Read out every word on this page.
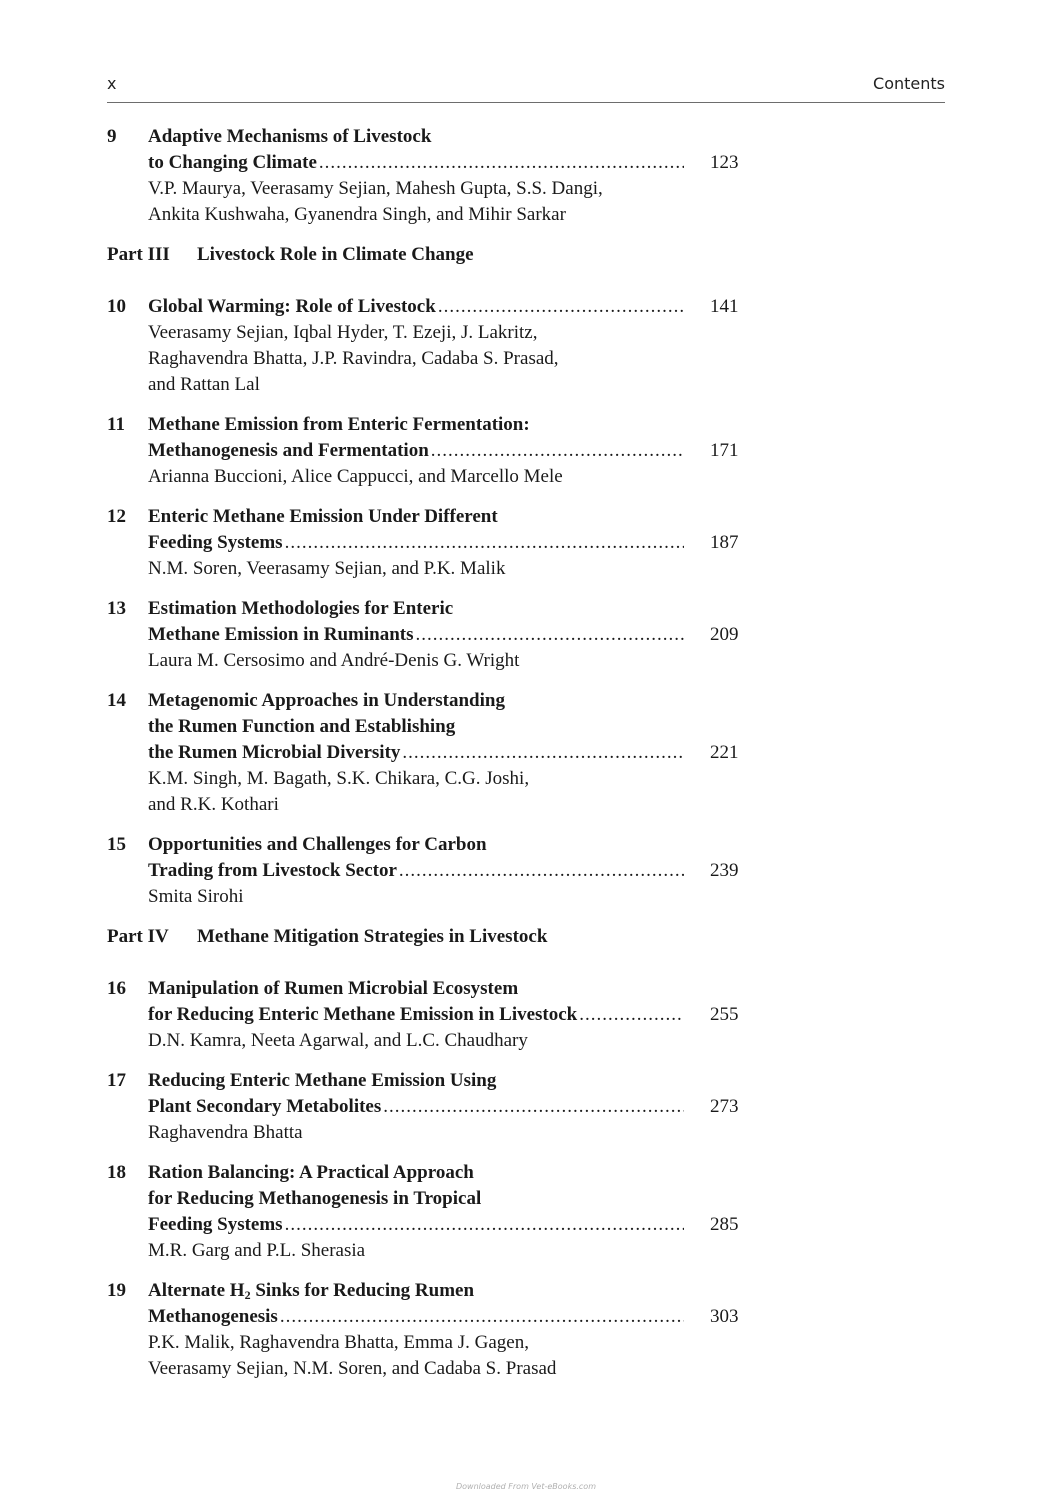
x	Contents
9	Adaptive Mechanisms of Livestock
to Changing Climate .....	123
V.P. Maurya, Veerasamy Sejian, Mahesh Gupta, S.S. Dangi,
Ankita Kushwaha, Gyanendra Singh, and Mihir Sarkar
Part III Livestock Role in Climate Change
10	Global Warming: Role of Livestock .....	141
Veerasamy Sejian, Iqbal Hyder, T. Ezeji, J. Lakritz,
Raghavendra Bhatta, J.P. Ravindra, Cadaba S. Prasad,
and Rattan Lal
11	Methane Emission from Enteric Fermentation:
Methanogenesis and Fermentation .....	171
Arianna Buccioni, Alice Cappucci, and Marcello Mele
12	Enteric Methane Emission Under Different
Feeding Systems .....	187
N.M. Soren, Veerasamy Sejian, and P.K. Malik
13	Estimation Methodologies for Enteric
Methane Emission in Ruminants .....	209
Laura M. Cersosimo and André-Denis G. Wright
14	Metagenomic Approaches in Understanding
the Rumen Function and Establishing
the Rumen Microbial Diversity .....	221
K.M. Singh, M. Bagath, S.K. Chikara, C.G. Joshi,
and R.K. Kothari
15	Opportunities and Challenges for Carbon
Trading from Livestock Sector .....	239
Smita Sirohi
Part IV Methane Mitigation Strategies in Livestock
16	Manipulation of Rumen Microbial Ecosystem
for Reducing Enteric Methane Emission in Livestock .....	255
D.N. Kamra, Neeta Agarwal, and L.C. Chaudhary
17	Reducing Enteric Methane Emission Using
Plant Secondary Metabolites .....	273
Raghavendra Bhatta
18	Ration Balancing: A Practical Approach
for Reducing Methanogenesis in Tropical
Feeding Systems .....	285
M.R. Garg and P.L. Sherasia
19	Alternate $H_2$ Sinks for Reducing Rumen
Methanogenesis .....	303
P.K. Malik, Raghavendra Bhatta, Emma J. Gagen,
Veerasamy Sejian, N.M. Soren, and Cadaba S. Prasad
Downloaded From Vet-eBooks.com
